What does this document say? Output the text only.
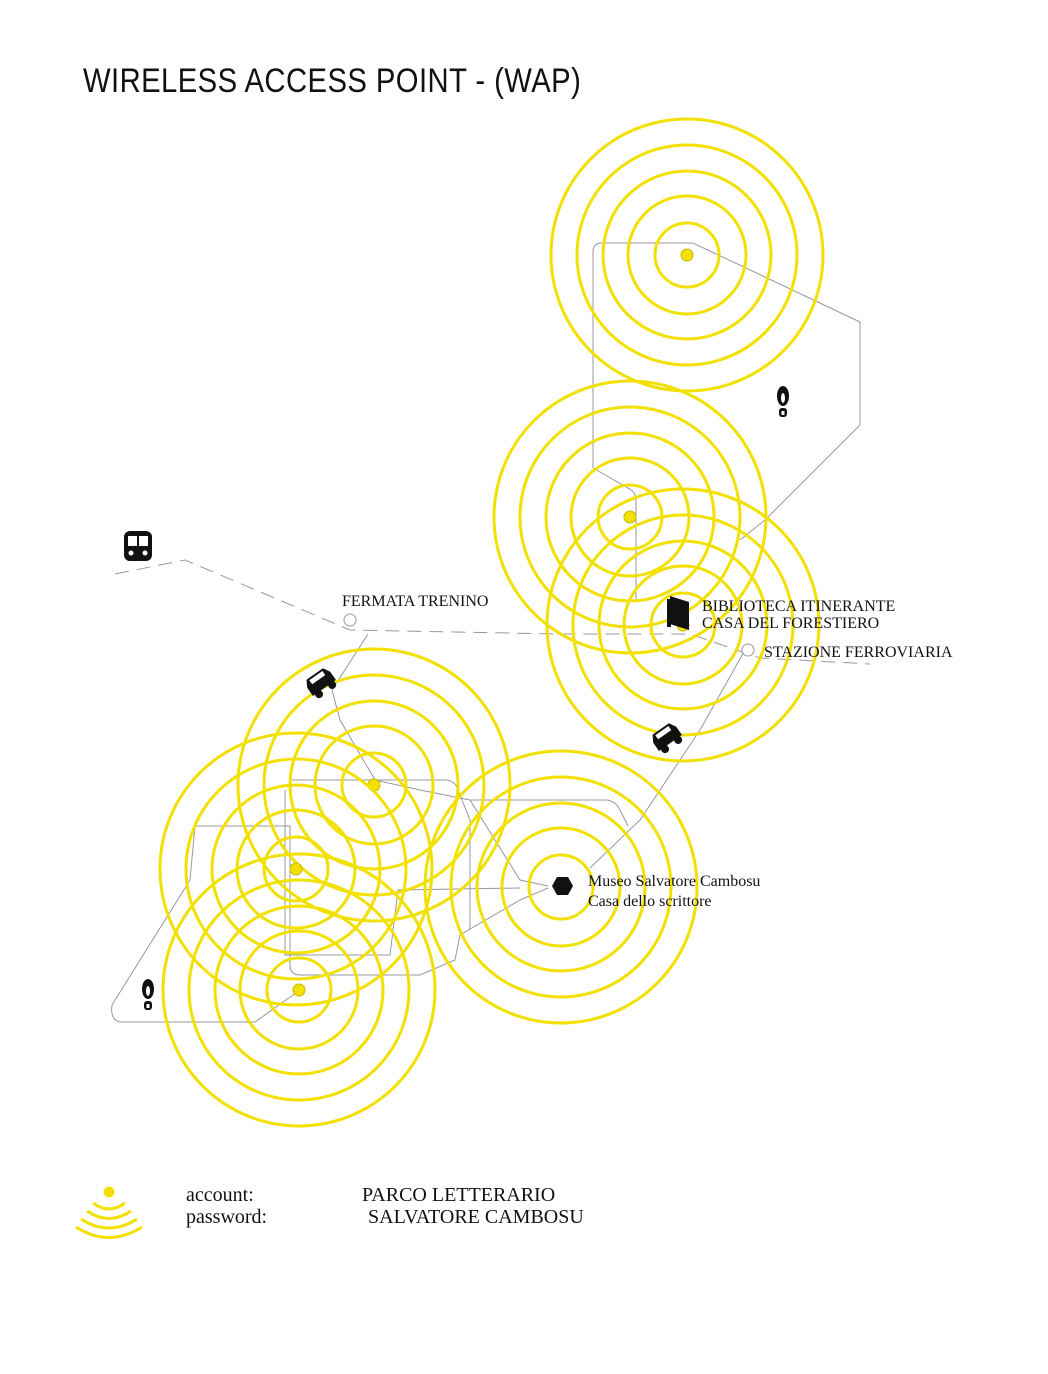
WIRELESS ACCESS POINT - (WAP)
FERMATA TRENINO	BIBLIOTECA ITINERANTE
CASA DEL FORESTIERO
STAZIONE FERROVIARIA
Museo Salvatore Cambosu
Casa dello scrittore
account:	PARCO LETTERARIO
password:	SALVATORE CAMBOSU
